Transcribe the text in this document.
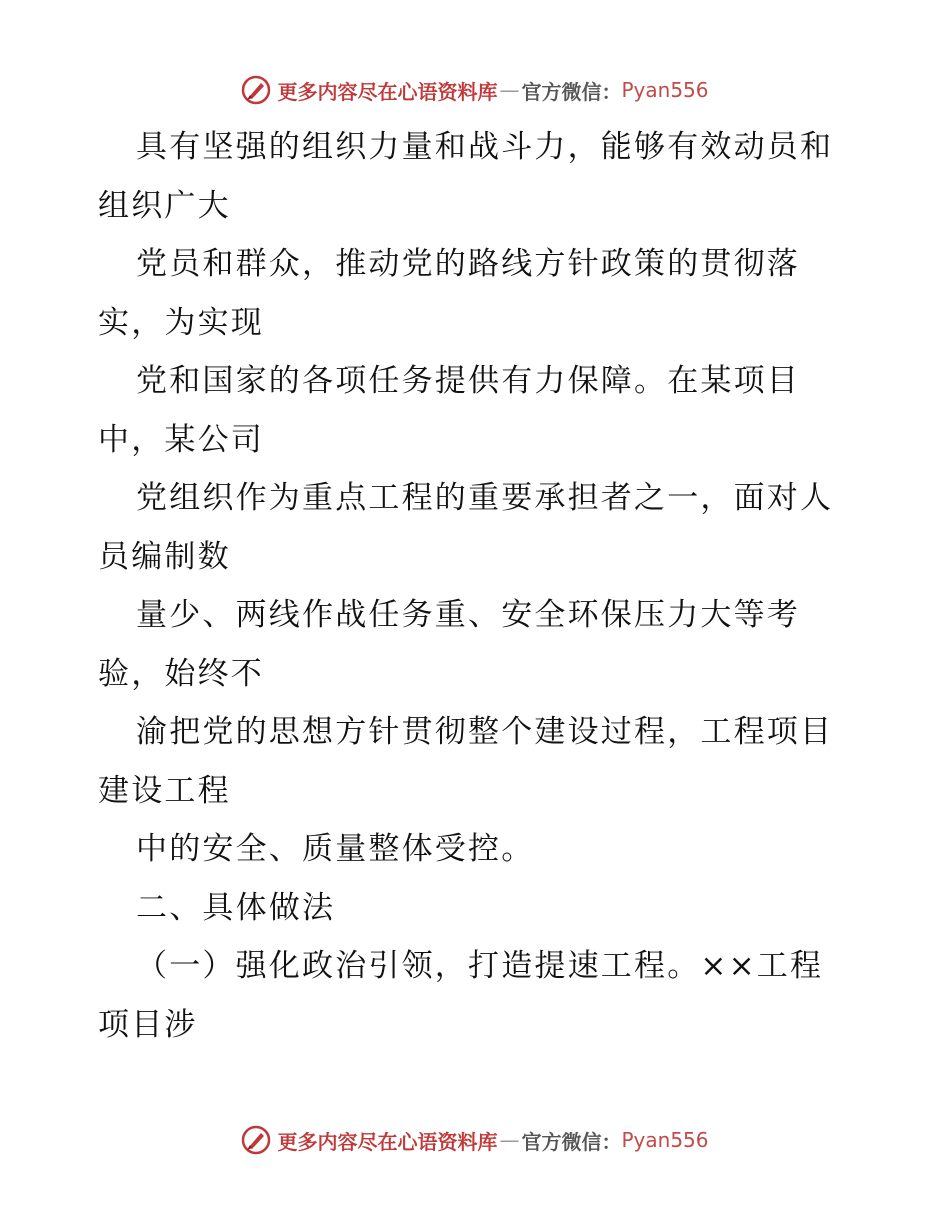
更多内容尽在心语资料库 — 官方微信： Pyan556

具有坚强的组织力量和战斗力，能够有效动员和

组织广大

党员和群众，推动党的路线方针政策的贯彻落

实，为实现

党和国家的各项任务提供有力保障。在某项目

中，某公司

党组织作为重点工程的重要承担者之一，面对人

员编制数

量少、两线作战任务重、安全环保压力大等考

验，始终不

渝把党的思想方针贯彻整个建设过程，工程项目

建设工程

中的安全、质量整体受控。

二、具体做法

（一）强化政治引领，打造提速工程。××工程

项目涉

更多内容尽在心语资料库 — 官方微信： Pyan556
